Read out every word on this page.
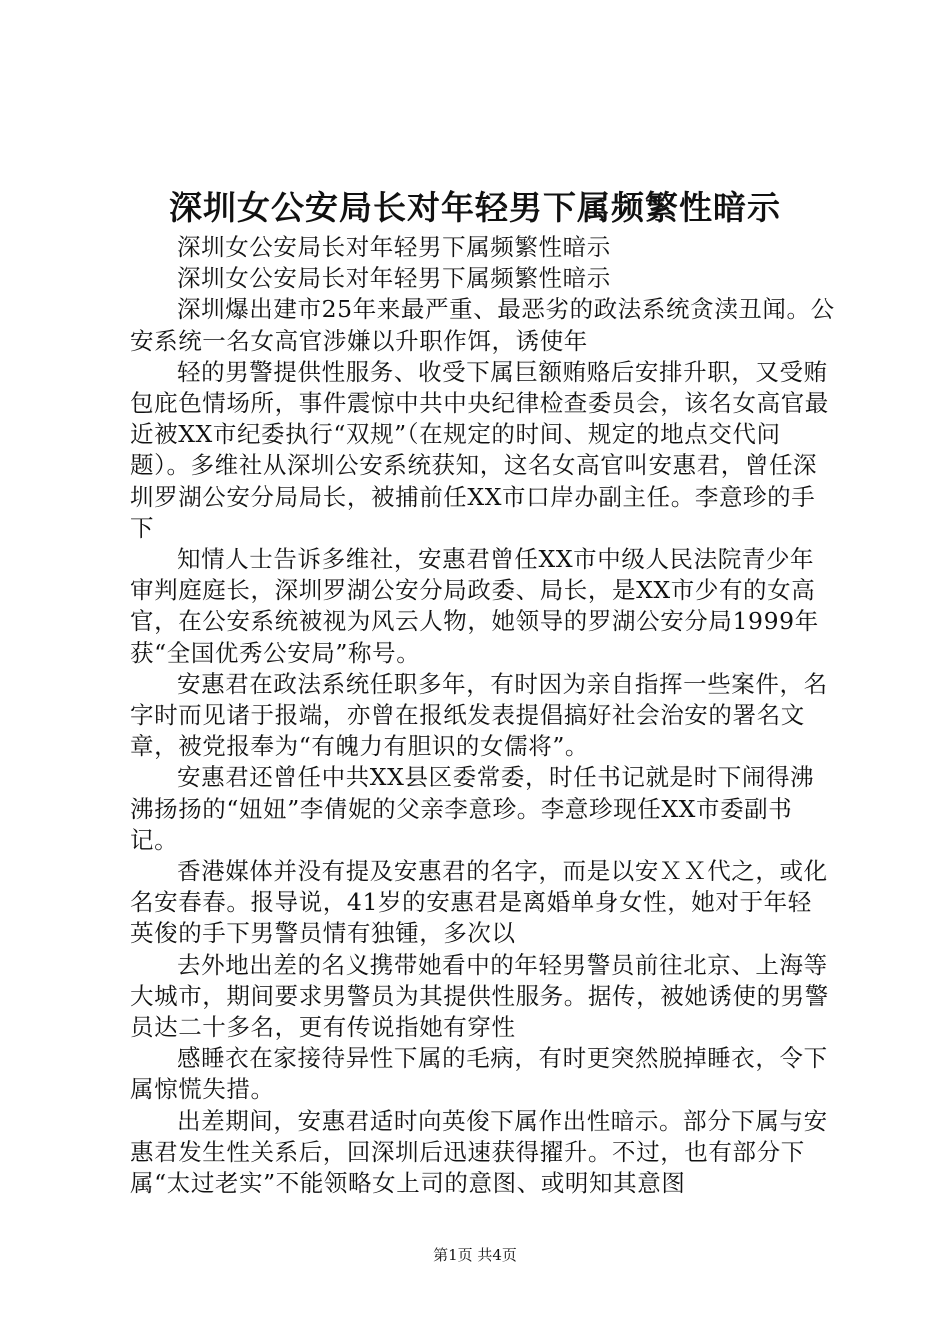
深圳女公安局长对年轻男下属频繁性暗示

深圳女公安局长对年轻男下属频繁性暗示

深圳女公安局长对年轻男下属频繁性暗示

深圳爆出建市25年来最严重、最恶劣的政法系统贪渎丑闻。公安系统一名女高官涉嫌以升职作饵，诱使年

轻的男警提供性服务、收受下属巨额贿赂后安排升职，又受贿包庇色情场所，事件震惊中共中央纪律检查委员会，该名女高官最近被XX市纪委执行“双规”（在规定的时间、规定的地点交代问题）。多维社从深圳公安系统获知，这名女高官叫安惠君，曾任深圳罗湖公安分局局长，被捕前任XX市口岸办副主任。李意珍的手下

知情人士告诉多维社，安惠君曾任XX市中级人民法院青少年审判庭庭长，深圳罗湖公安分局政委、局长，是XX市少有的女高官，在公安系统被视为风云人物，她领导的罗湖公安分局1999年获“全国优秀公安局”称号。

安惠君在政法系统任职多年，有时因为亲自指挥一些案件，名字时而见诸于报端，亦曾在报纸发表提倡搞好社会治安的署名文章，被党报奉为“有魄力有胆识的女儒将”。

安惠君还曾任中共XX县区委常委，时任书记就是时下闹得沸沸扬扬的“妞妞”李倩妮的父亲李意珍。李意珍现任XX市委副书记。

香港媒体并没有提及安惠君的名字，而是以安ＸＸ代之，或化名安春春。报导说，41岁的安惠君是离婚单身女性，她对于年轻英俊的手下男警员情有独锺，多次以

去外地出差的名义携带她看中的年轻男警员前往北京、上海等大城市，期间要求男警员为其提供性服务。据传，被她诱使的男警员达二十多名，更有传说指她有穿性

感睡衣在家接待异性下属的毛病，有时更突然脱掉睡衣，令下属惊慌失措。

出差期间，安惠君适时向英俊下属作出性暗示。部分下属与安惠君发生性关系后，回深圳后迅速获得擢升。不过，也有部分下属“太过老实”不能领略女上司的意图、或明知其意图

第1页 共4页
